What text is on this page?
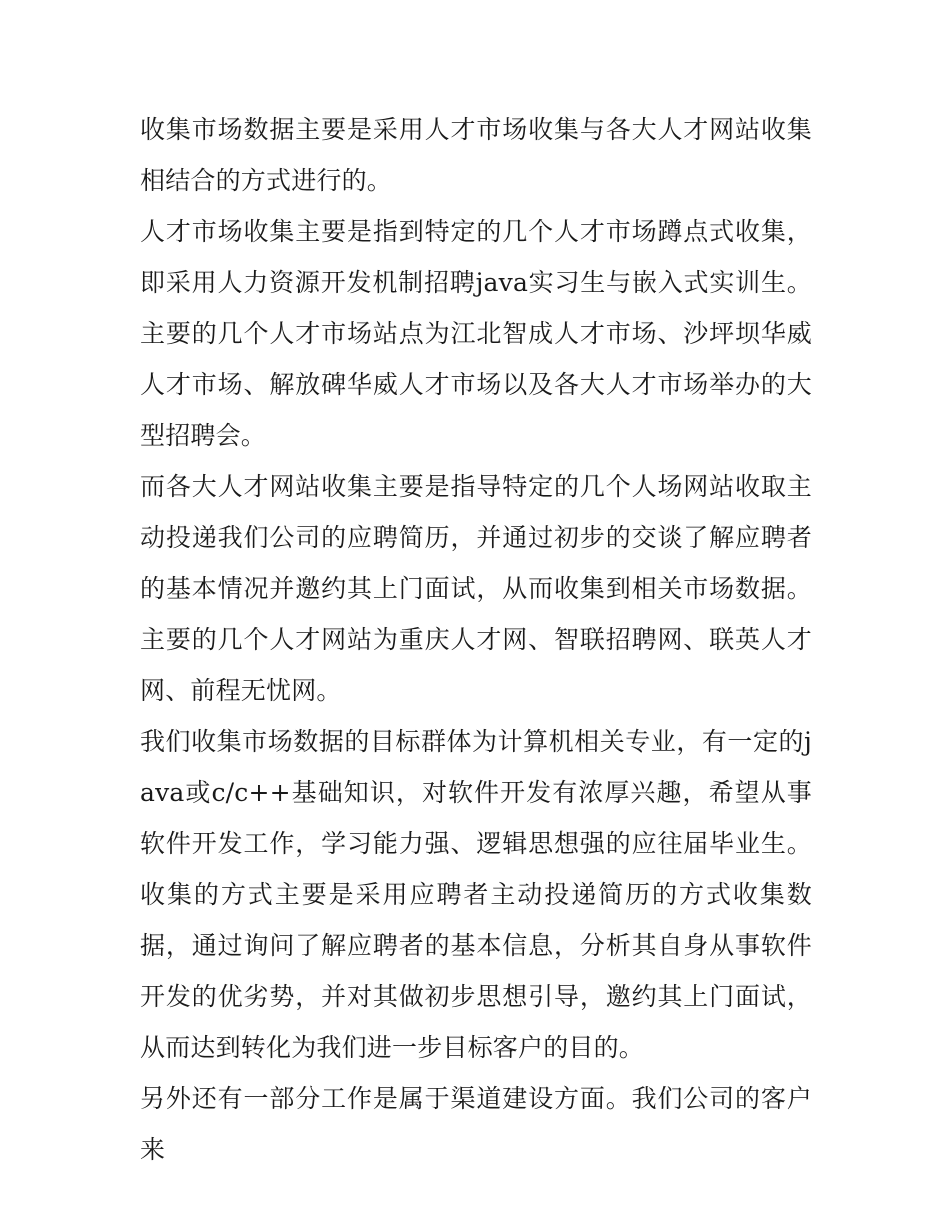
收集市场数据主要是采用人才市场收集与各大人才网站收集相结合的方式进行的。

人才市场收集主要是指到特定的几个人才市场蹲点式收集，即采用人力资源开发机制招聘java实习生与嵌入式实训生。主要的几个人才市场站点为江北智成人才市场、沙坪坝华威人才市场、解放碑华威人才市场以及各大人才市场举办的大型招聘会。

而各大人才网站收集主要是指导特定的几个人场网站收取主动投递我们公司的应聘简历，并通过初步的交谈了解应聘者的基本情况并邀约其上门面试，从而收集到相关市场数据。主要的几个人才网站为重庆人才网、智联招聘网、联英人才网、前程无忧网。

我们收集市场数据的目标群体为计算机相关专业，有一定的java或c/c++基础知识，对软件开发有浓厚兴趣，希望从事软件开发工作，学习能力强、逻辑思想强的应往届毕业生。收集的方式主要是采用应聘者主动投递简历的方式收集数据，通过询问了解应聘者的基本信息，分析其自身从事软件开发的优劣势，并对其做初步思想引导，邀约其上门面试，从而达到转化为我们进一步目标客户的目的。

另外还有一部分工作是属于渠道建设方面。我们公司的客户来
